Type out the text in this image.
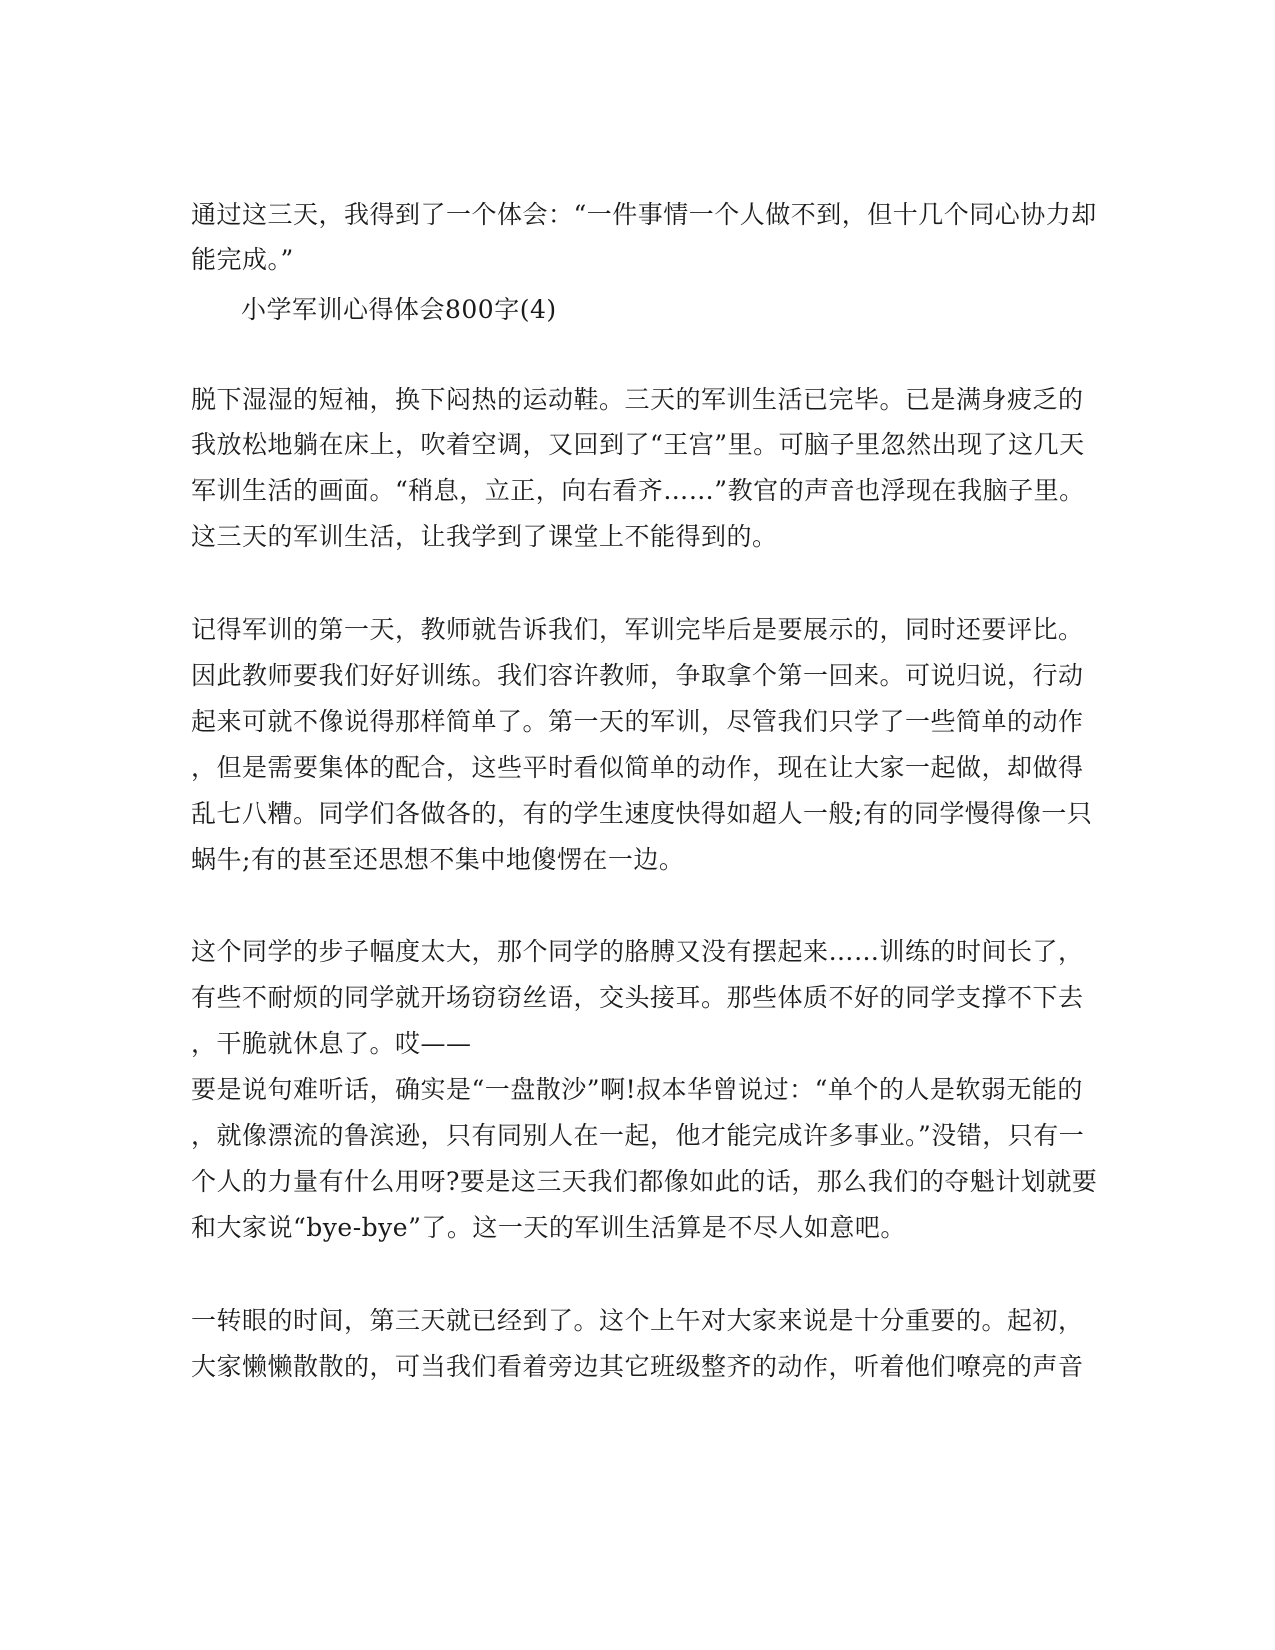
通过这三天，我得到了一个体会：“一件事情一个人做不到，但十几个同心协力却
能完成。”
小学军训心得体会800字(4)
脱下湿湿的短袖，换下闷热的运动鞋。三天的军训生活已完毕。已是满身疲乏的
我放松地躺在床上，吹着空调，又回到了“王宫”里。可脑子里忽然出现了这几天
军训生活的画面。“稍息，立正，向右看齐……”教官的声音也浮现在我脑子里。
这三天的军训生活，让我学到了课堂上不能得到的。
记得军训的第一天，教师就告诉我们，军训完毕后是要展示的，同时还要评比。
因此教师要我们好好训练。我们容许教师，争取拿个第一回来。可说归说，行动
起来可就不像说得那样简单了。第一天的军训，尽管我们只学了一些简单的动作
，但是需要集体的配合，这些平时看似简单的动作，现在让大家一起做，却做得
乱七八糟。同学们各做各的，有的学生速度快得如超人一般;有的同学慢得像一只
蜗牛;有的甚至还思想不集中地傻愣在一边。
这个同学的步子幅度太大，那个同学的胳膊又没有摆起来……训练的时间长了，
有些不耐烦的同学就开场窃窃丝语，交头接耳。那些体质不好的同学支撑不下去
，干脆就休息了。哎——
要是说句难听话，确实是“一盘散沙”啊!叔本华曾说过：“单个的人是软弱无能的
，就像漂流的鲁滨逊，只有同别人在一起，他才能完成许多事业。”没错，只有一
个人的力量有什么用呀?要是这三天我们都像如此的话，那么我们的夺魁计划就要
和大家说“bye-bye”了。这一天的军训生活算是不尽人如意吧。
一转眼的时间，第三天就已经到了。这个上午对大家来说是十分重要的。起初，
大家懒懒散散的，可当我们看着旁边其它班级整齐的动作，听着他们嘹亮的声音
